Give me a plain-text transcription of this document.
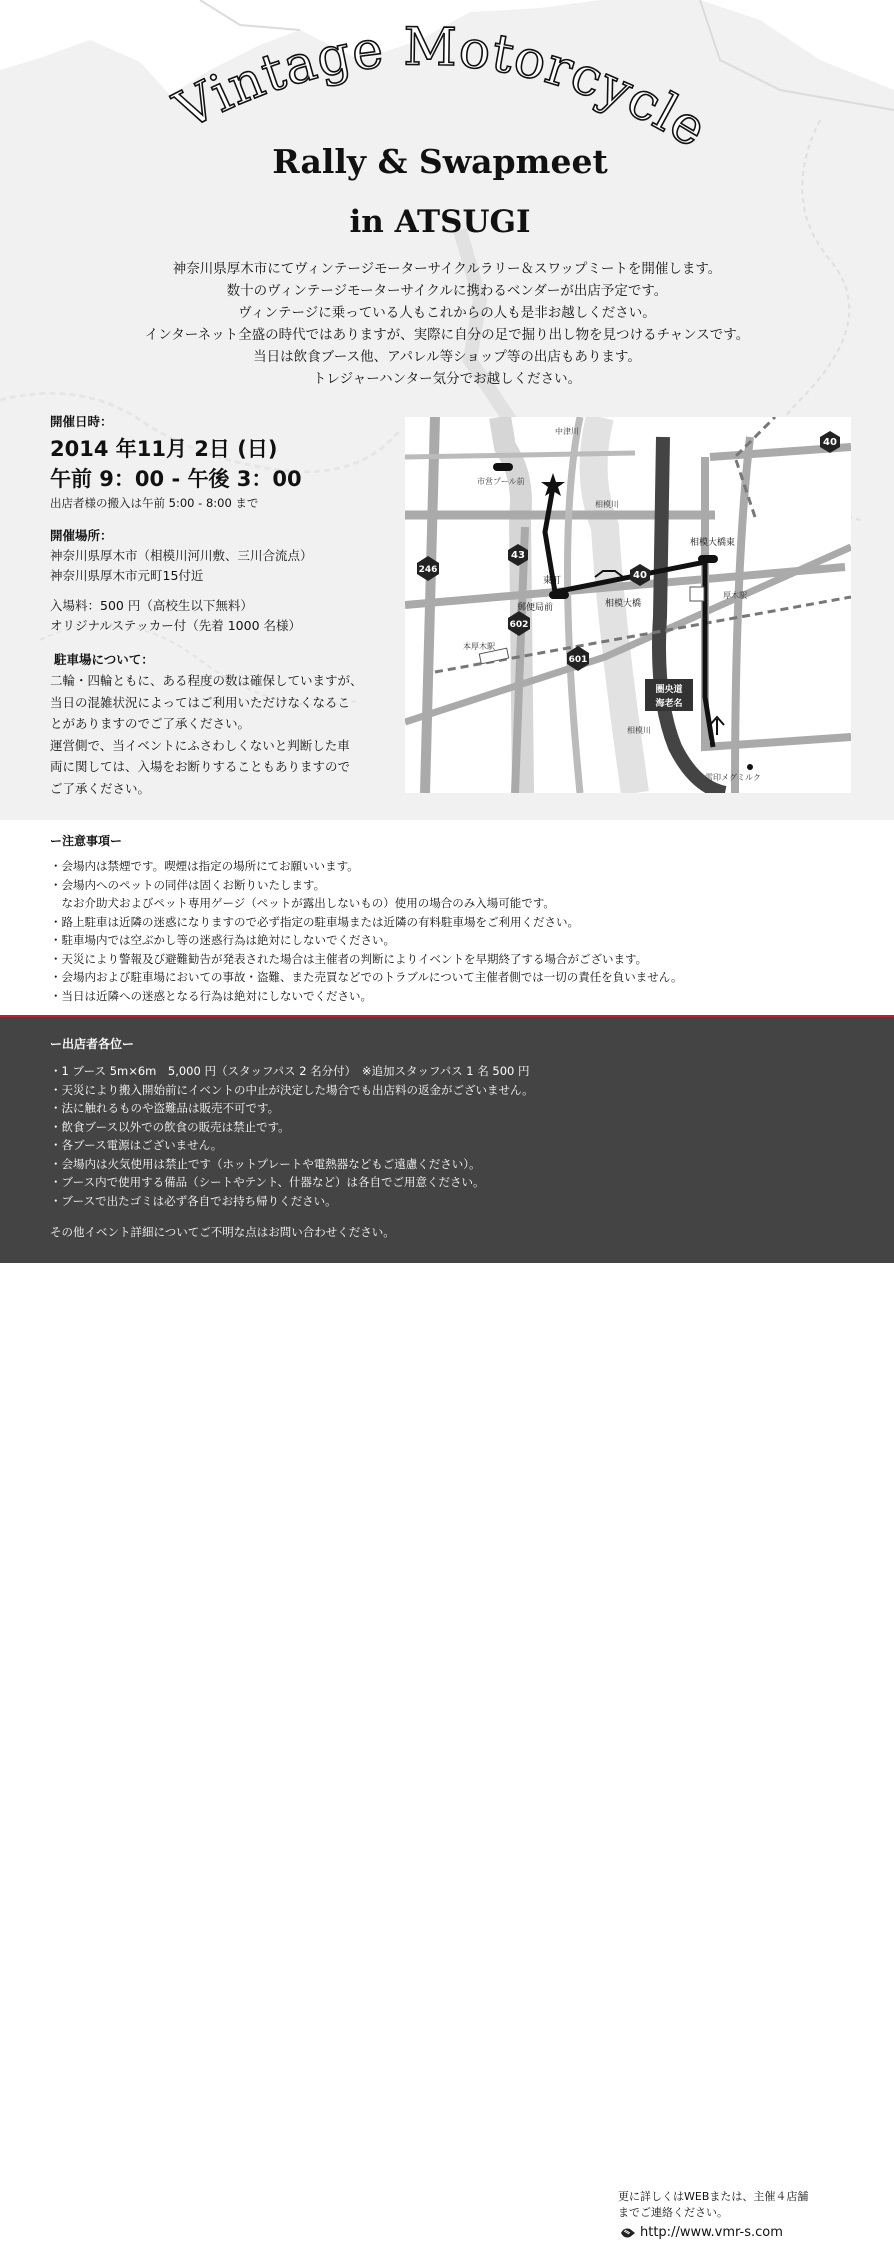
Vintage Motorcycle
Rally & Swapmeet
in ATSUGI
神奈川県厚木市にてヴィンテージモーターサイクルラリー＆スワップミートを開催します。
数十のヴィンテージモーターサイクルに携わるベンダーが出店予定です。
ヴィンテージに乗っている人もこれからの人も是非お越しください。
インターネット全盛の時代ではありますが、実際に自分の足で掘り出し物を見つけるチャンスです。
当日は飲食ブース他、アパレル等ショップ等の出店もあります。
トレジャーハンター気分でお越しください。
開催日時：
2014 年11月 2日 (日)
午前 9：00 - 午後 3：00
出店者様の搬入は午前 5:00 - 8:00 まで
開催場所：
神奈川県厚木市（相模川河川敷、三川合流点）
神奈川県厚木市元町15付近
入場料：500 円（高校生以下無料）
オリジナルステッカー付（先着 1000 名様）
駐車場について：
二輪・四輪ともに、ある程度の数は確保していますが、
当日の混雑状況によってはご利用いただけなくなるこ
とがありますのでご了承ください。
運営側で、当イベントにふさわしくないと判断した車
両に関しては、入場をお断りすることもありますので
ご了承ください。
40
246
43
40
602
601
中津川
市営プール前
相模川
相模大橋東
東町
郵便局前	相模大橋
厚木駅
本厚木駅
圏央道
海老名
相模川
雪印メグミルク
ー注意事項ー
・会場内は禁煙です。喫煙は指定の場所にてお願いいます。
・会場内へのペットの同伴は固くお断りいたします。
　なお介助犬およびペット専用ゲージ（ペットが露出しないもの）使用の場合のみ入場可能です。
・路上駐車は近隣の迷惑になりますので必ず指定の駐車場または近隣の有料駐車場をご利用ください。
・駐車場内では空ぶかし等の迷惑行為は絶対にしないでください。
・天災により警報及び避難勧告が発表された場合は主催者の判断によりイベントを早期終了する場合がございます。
・会場内および駐車場においての事故・盗難、また売買などでのトラブルについて主催者側では一切の責任を負いません。
・当日は近隣への迷惑となる行為は絶対にしないでください。
ー出店者各位ー
・1 ブース 5m×6m　5,000 円（スタッフパス 2 名分付）　※追加スタッフパス 1 名 500 円
・天災により搬入開始前にイベントの中止が決定した場合でも出店料の返金がございません。
・法に触れるものや盗難品は販売不可です。
・飲食ブース以外での飲食の販売は禁止です。
・各ブース電源はございません。
・会場内は火気使用は禁止です（ホットプレートや電熱器などもご遠慮ください）。
・ブース内で使用する備品（シートやテント、什器など）は各自でご用意ください。
・ブースで出たゴミは必ず各自でお持ち帰りください。
その他イベント詳細についてご不明な点はお問い合わせください。
更に詳しくはWEBまたは、主催４店舗
までご連絡ください。
http://www.vmr-s.com
